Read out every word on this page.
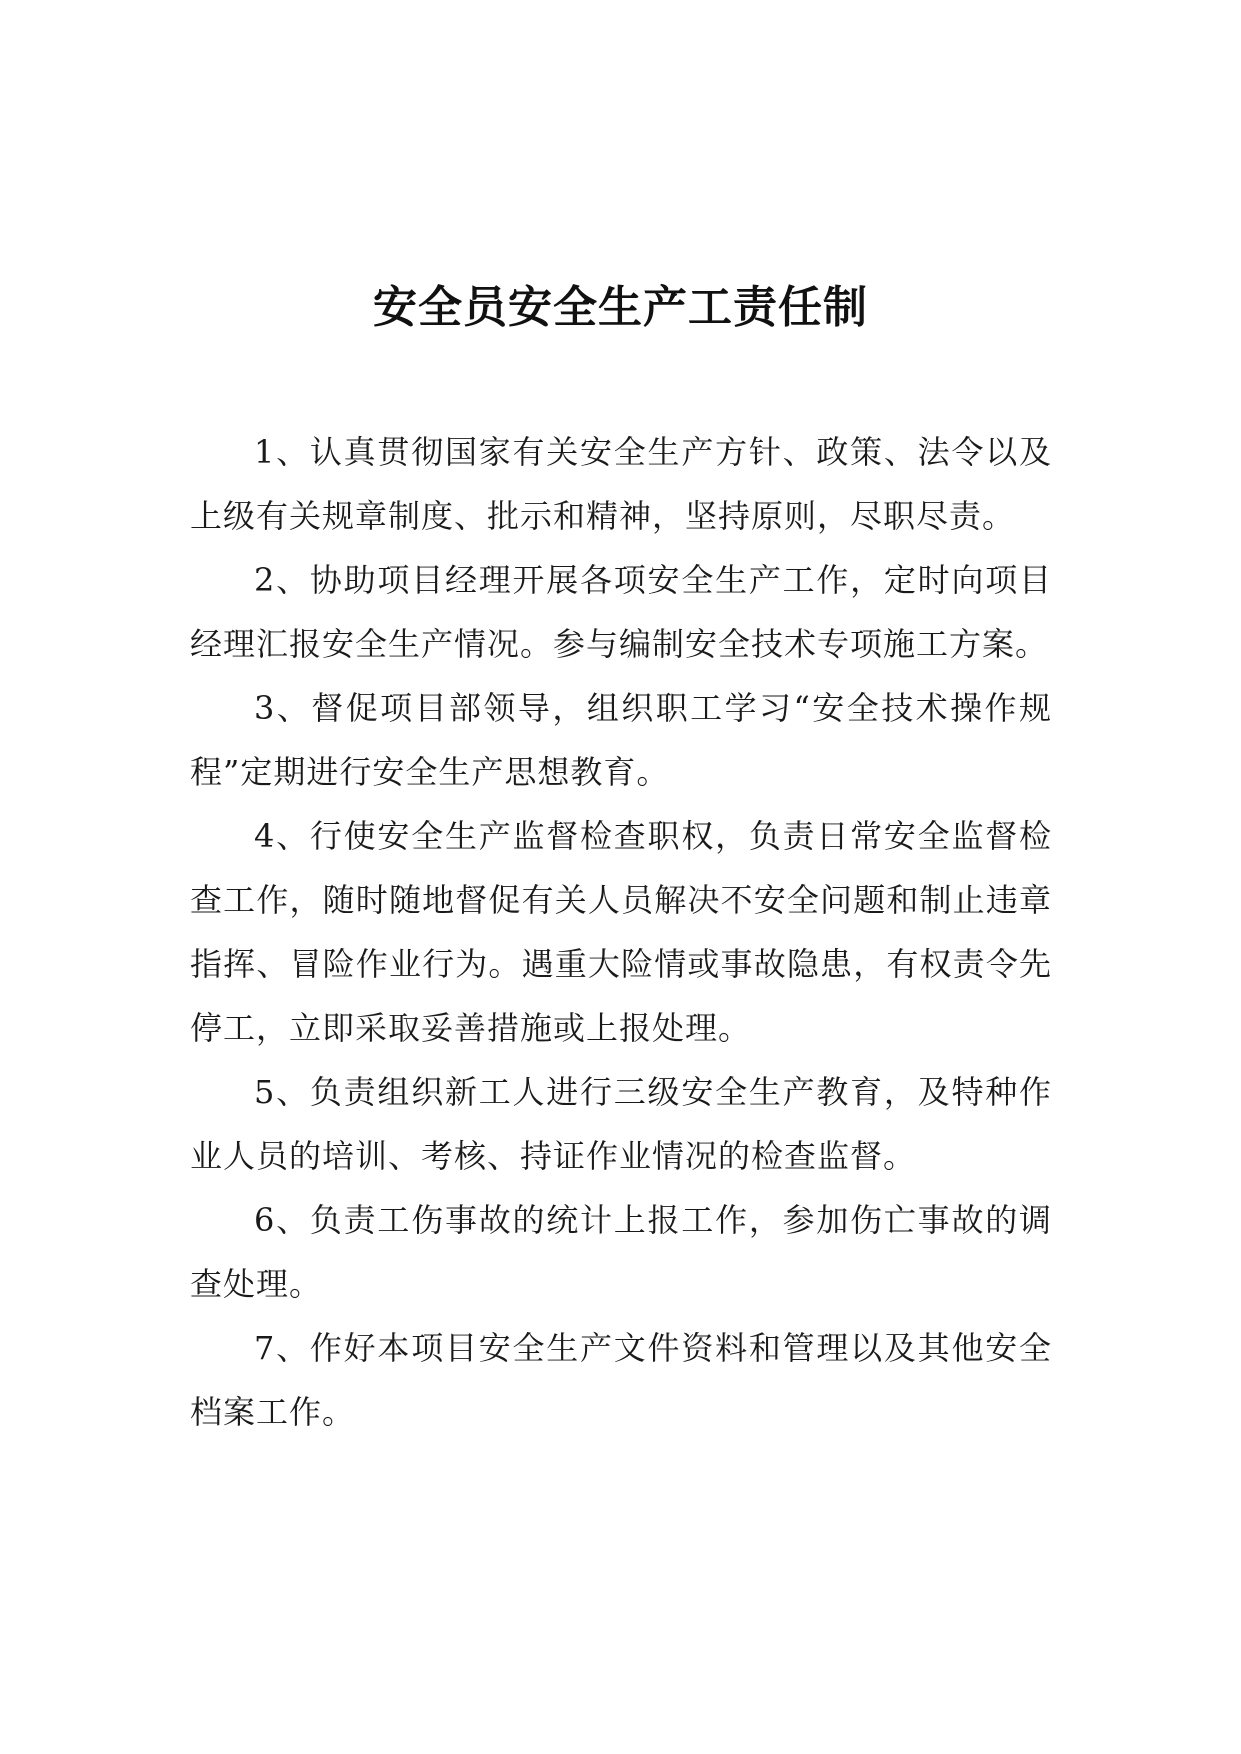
安全员安全生产工责任制

1、认真贯彻国家有关安全生产方针、政策、法令以及上级有关规章制度、批示和精神，坚持原则，尽职尽责。

2、协助项目经理开展各项安全生产工作，定时向项目经理汇报安全生产情况。参与编制安全技术专项施工方案。

3、督促项目部领导，组织职工学习“安全技术操作规程”定期进行安全生产思想教育。

4、行使安全生产监督检查职权，负责日常安全监督检查工作，随时随地督促有关人员解决不安全问题和制止违章指挥、冒险作业行为。遇重大险情或事故隐患，有权责令先停工，立即采取妥善措施或上报处理。

5、负责组织新工人进行三级安全生产教育，及特种作业人员的培训、考核、持证作业情况的检查监督。

6、负责工伤事故的统计上报工作，参加伤亡事故的调查处理。

7、作好本项目安全生产文件资料和管理以及其他安全档案工作。
